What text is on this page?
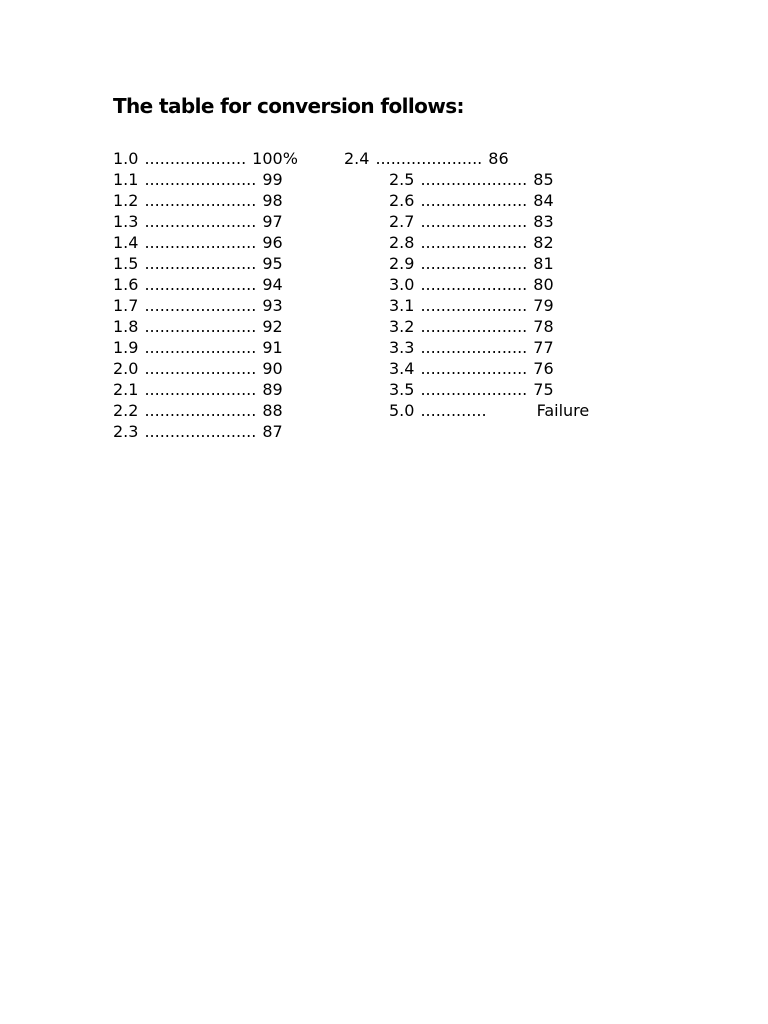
The table for conversion follows:
1.0 .................... 100%
1.1 ...................... 99
1.2 ...................... 98
1.3 ...................... 97
1.4 ...................... 96
1.5 ...................... 95
1.6 ...................... 94
1.7 ...................... 93
1.8 ...................... 92
1.9 ...................... 91
2.0 ...................... 90
2.1 ...................... 89
2.2 ...................... 88
2.3 ...................... 87
2.4 ..................... 86
2.5 ..................... 85
2.6 ..................... 84
2.7 ..................... 83
2.8 ..................... 82
2.9 ..................... 81
3.0 ..................... 80
3.1 ..................... 79
3.2 ..................... 78
3.3 ..................... 77
3.4 ..................... 76
3.5 ..................... 75
5.0 .............	Failure
